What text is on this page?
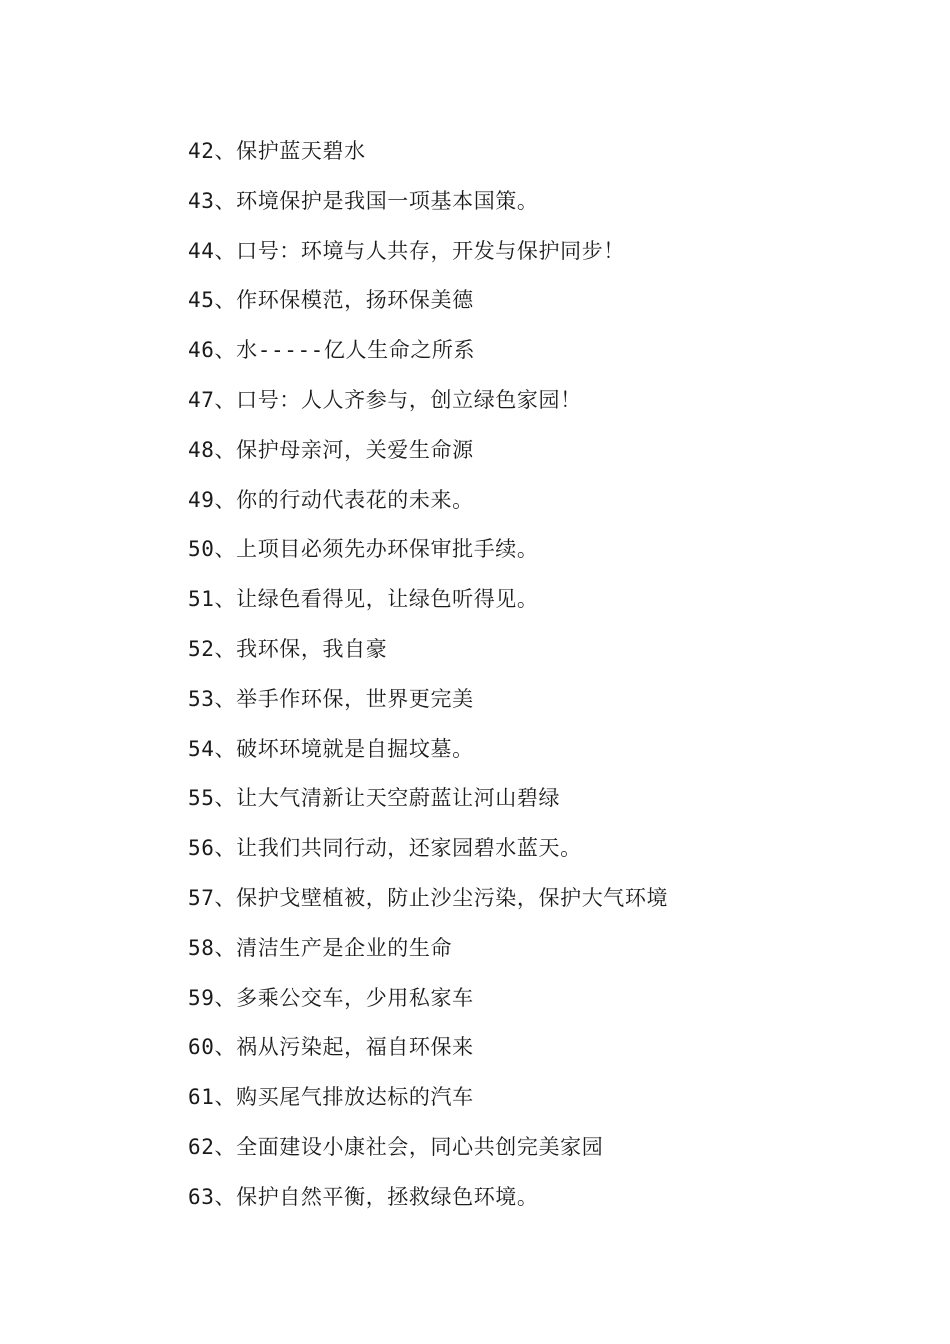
42、保护蓝天碧水
43、环境保护是我国一项基本国策。
44、口号：环境与人共存，开发与保护同步！
45、作环保模范，扬环保美德
46、水-----亿人生命之所系
47、口号：人人齐参与，创立绿色家园！
48、保护母亲河，关爱生命源
49、你的行动代表花的未来。
50、上项目必须先办环保审批手续。
51、让绿色看得见，让绿色听得见。
52、我环保，我自豪
53、举手作环保，世界更完美
54、破坏环境就是自掘坟墓。
55、让大气清新让天空蔚蓝让河山碧绿
56、让我们共同行动，还家园碧水蓝天。
57、保护戈壁植被，防止沙尘污染，保护大气环境
58、清洁生产是企业的生命
59、多乘公交车，少用私家车
60、祸从污染起，福自环保来
61、购买尾气排放达标的汽车
62、全面建设小康社会，同心共创完美家园
63、保护自然平衡，拯救绿色环境。
